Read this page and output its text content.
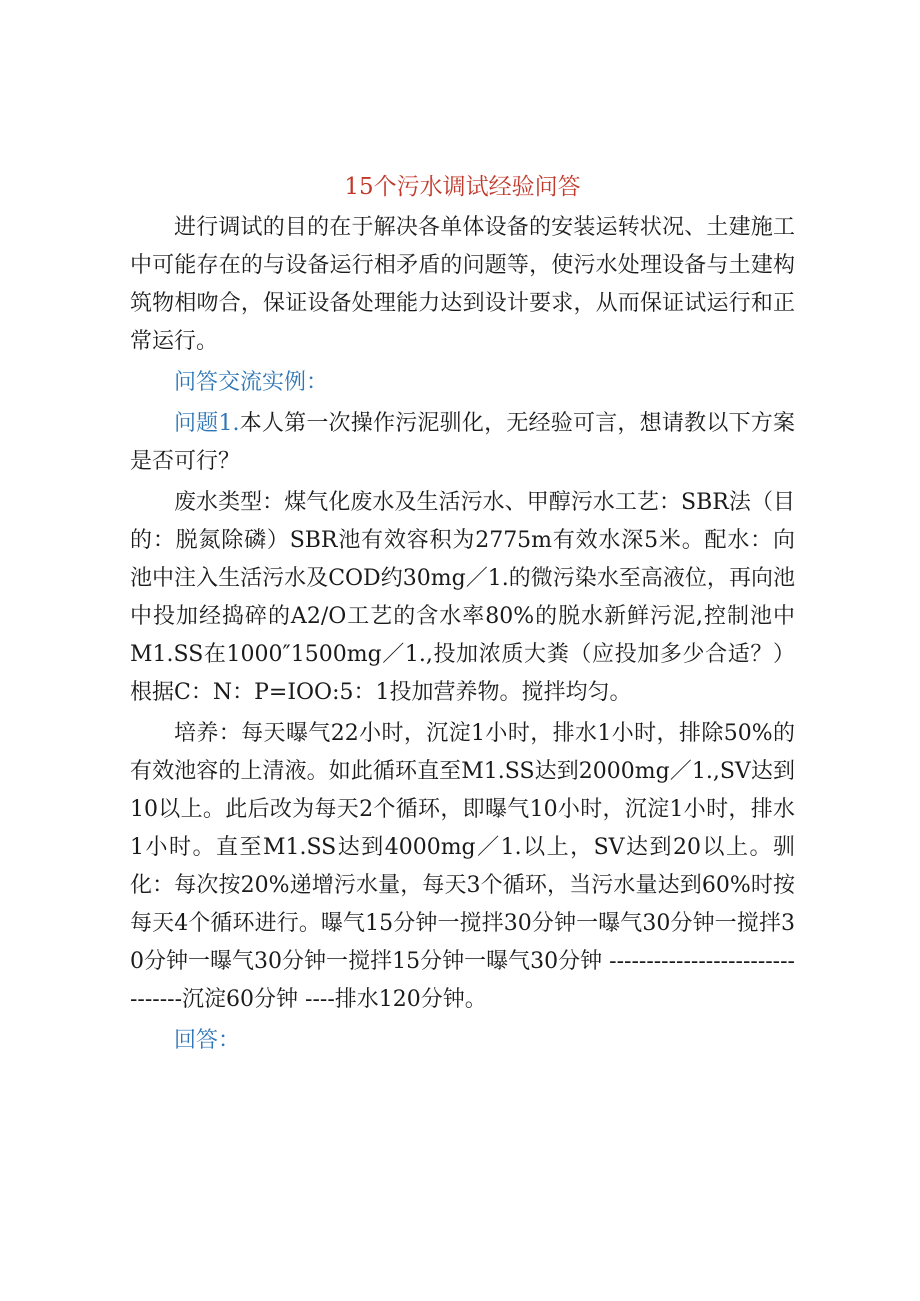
15个污水调试经验问答

进行调试的目的在于解决各单体设备的安装运转状况、土建施工中可能存在的与设备运行相矛盾的问题等，使污水处理设备与土建构筑物相吻合，保证设备处理能力达到设计要求，从而保证试运行和正常运行。

问答交流实例：

问题1.本人第一次操作污泥驯化，无经验可言，想请教以下方案是否可行？

废水类型：煤气化废水及生活污水、甲醇污水工艺：SBR法（目的：脱氮除磷）SBR池有效容积为2775m有效水深5米。配水：向池中注入生活污水及COD约30mg／1.的微污染水至高液位，再向池中投加经捣碎的A2/O工艺的含水率80%的脱水新鲜污泥,控制池中M1.SS在1000″1500mg／1.,投加浓质大粪（应投加多少合适？）根据C：N：P=IOO:5：1投加营养物。搅拌均匀。

培养：每天曝气22小时，沉淀1小时，排水1小时，排除50%的有效池容的上清液。如此循环直至M1.SS达到2000mg／1.,SV达到10以上。此后改为每天2个循环，即曝气10小时，沉淀1小时，排水1小时。直至M1.SS达到4000mg／1.以上，SV达到20以上。驯化：每次按20%递增污水量，每天3个循环，当污水量达到60%时按每天4个循环进行。曝气15分钟一搅拌30分钟一曝气30分钟一搅拌30分钟一曝气30分钟一搅拌15分钟一曝气30分钟 --------------------------------沉淀60分钟 ----排水120分钟。

回答：
